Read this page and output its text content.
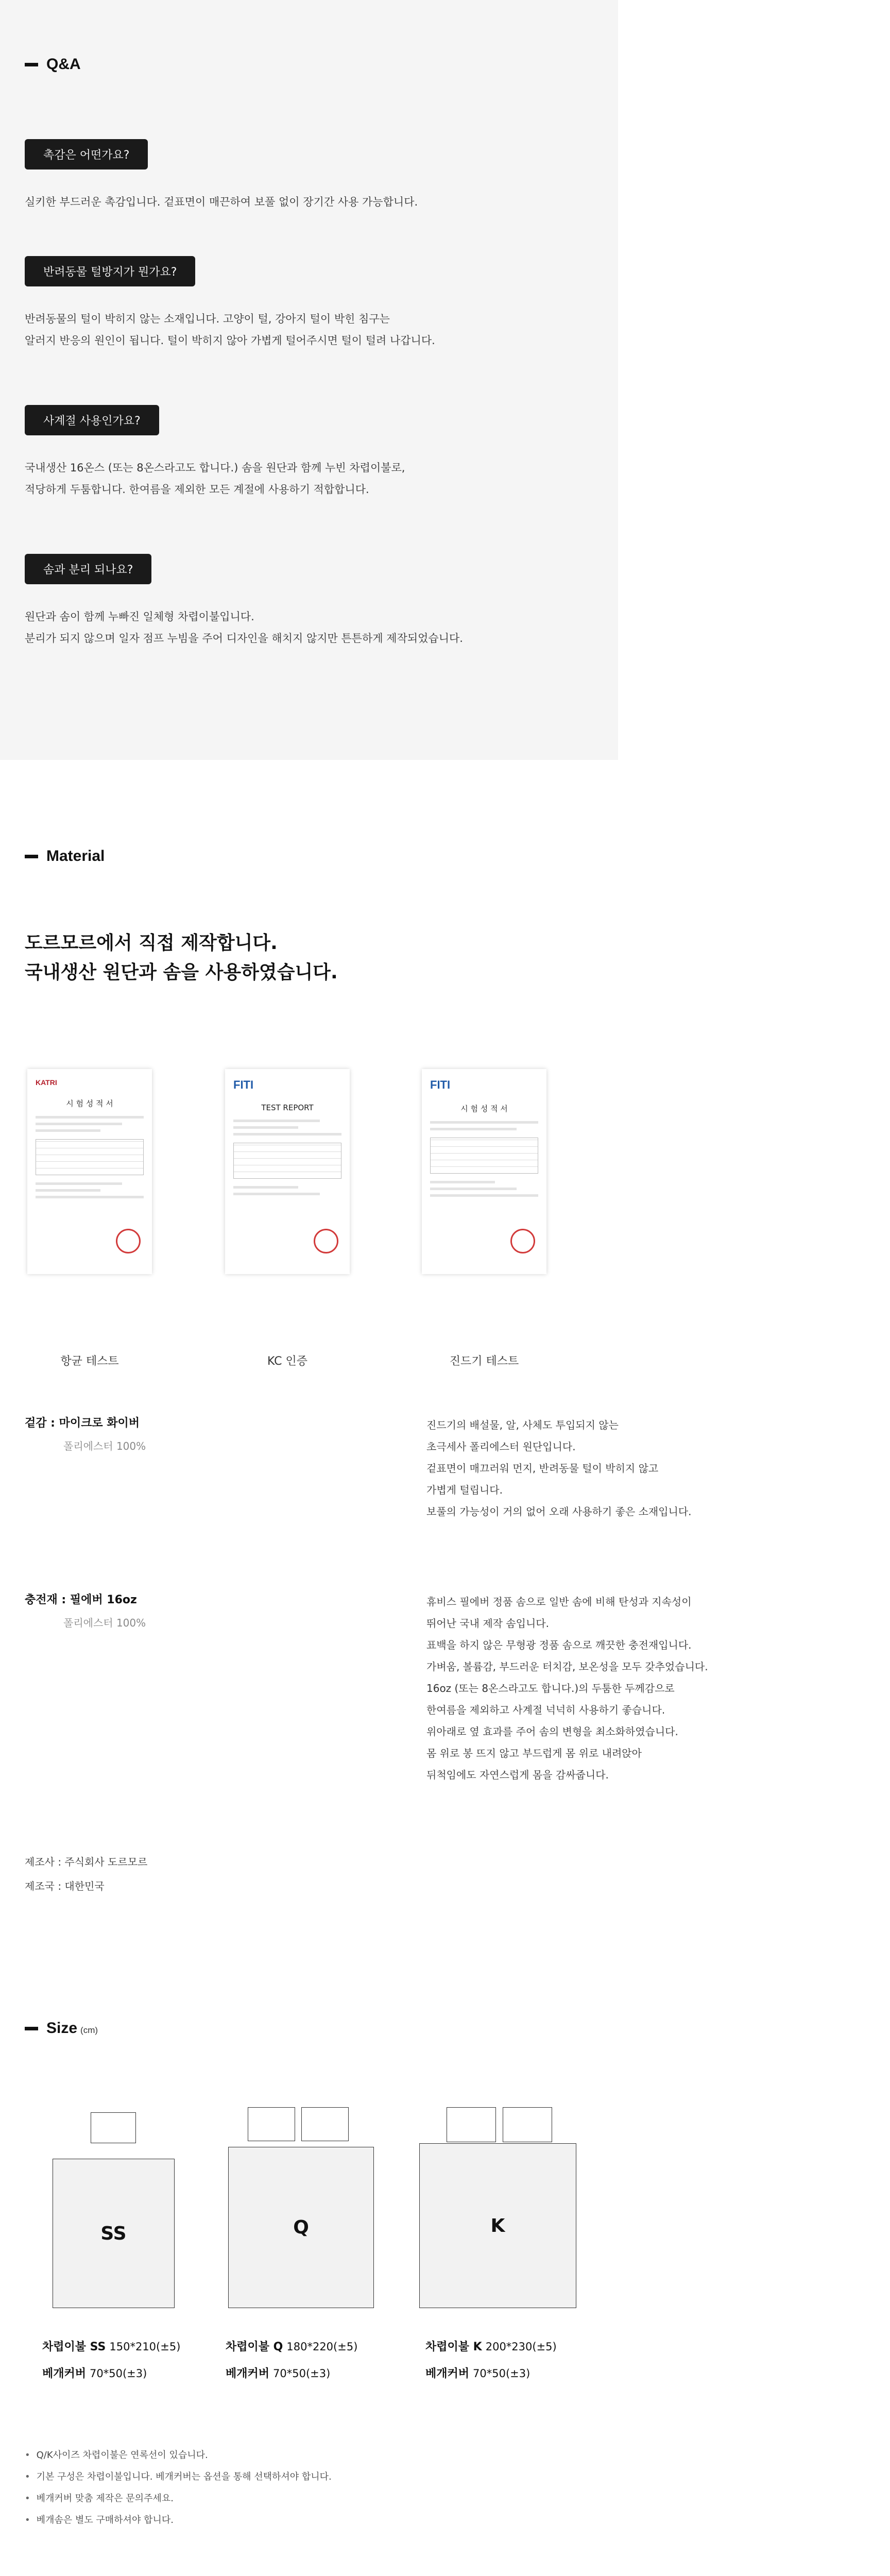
Q&A
촉감은 어떤가요?
실키한 부드러운 촉감입니다. 겉표면이 매끈하여 보풀 없이 장기간 사용 가능합니다.
반려동물 털방지가 뭔가요?
반려동물의 털이 박히지 않는 소재입니다. 고양이 털, 강아지 털이 박힌 침구는
알러지 반응의 원인이 됩니다. 털이 박히지 않아 가볍게 털어주시면 털이 털려 나갑니다.
사계절 사용인가요?
국내생산 16온스 (또는 8온스라고도 합니다.) 솜을 원단과 함께 누빈 차렵이불로,
적당하게 두툼합니다. 한여름을 제외한 모든 계절에 사용하기 적합합니다.
솜과 분리 되나요?
원단과 솜이 함께 누빠진 일체형 차렵이불입니다.
분리가 되지 않으며 일자 점프 누빔을 주어 디자인을 해치지 않지만 튼튼하게 제작되었습니다.
Material
도르모르에서 직접 제작합니다.
국내생산 원단과 솜을 사용하였습니다.
KATRI
시 험 성 적 서
FITI
TEST REPORT
FITI
시 험 성 적 서
항균 테스트	KC 인증	진드기 테스트
겉감 : 마이크로 화이버
폴리에스터 100%

진드기의 배설물, 알, 사체도 투입되지 않는

초극세사 폴리에스터 원단입니다.

겉표면이 매끄러워 먼지, 반려동물 털이 박히지 않고

가볍게 털립니다.

보풀의 가능성이 거의 없어 오래 사용하기 좋은 소재입니다.

충전재 : 필에버 16oz
폴리에스터 100%

휴비스 필에버 정품 솜으로 일반 솜에 비해 탄성과 지속성이

뛰어난 국내 제작 솜입니다.

표백을 하지 않은 무형광 정품 솜으로 깨끗한 충전재입니다.

가벼움, 볼륨감, 부드러운 터치감, 보온성을 모두 갖추었습니다.

16oz (또는 8온스라고도 합니다.)의 두툼한 두께감으로

한여름을 제외하고 사계절 넉넉히 사용하기 좋습니다.

위아래로 옆 효과를 주어 솜의 변형을 최소화하였습니다.

몸 위로 봉 뜨지 않고 부드럽게 몸 위로 내려앉아

뒤척임에도 자연스럽게 몸을 감싸줍니다.

제조사 : 주식회사 도르모르
제조국 : 대한민국
Size (cm)
SS	Q	K
차렵이불 SS 150*210(±5)
베개커버 70*50(±3)
차렵이불 Q 180*220(±5)
베개커버 70*50(±3)
차렵이불 K 200*230(±5)
베개커버 70*50(±3)
• Q/K사이즈 차렵이불은 연록선이 있습니다.
• 기본 구성은 차렵이불입니다. 베개커버는 옵션을 통해 선택하셔야 합니다.
• 베개커버 맞춤 제작은 문의주세요.
• 베개솜은 별도 구매하셔야 합니다.
